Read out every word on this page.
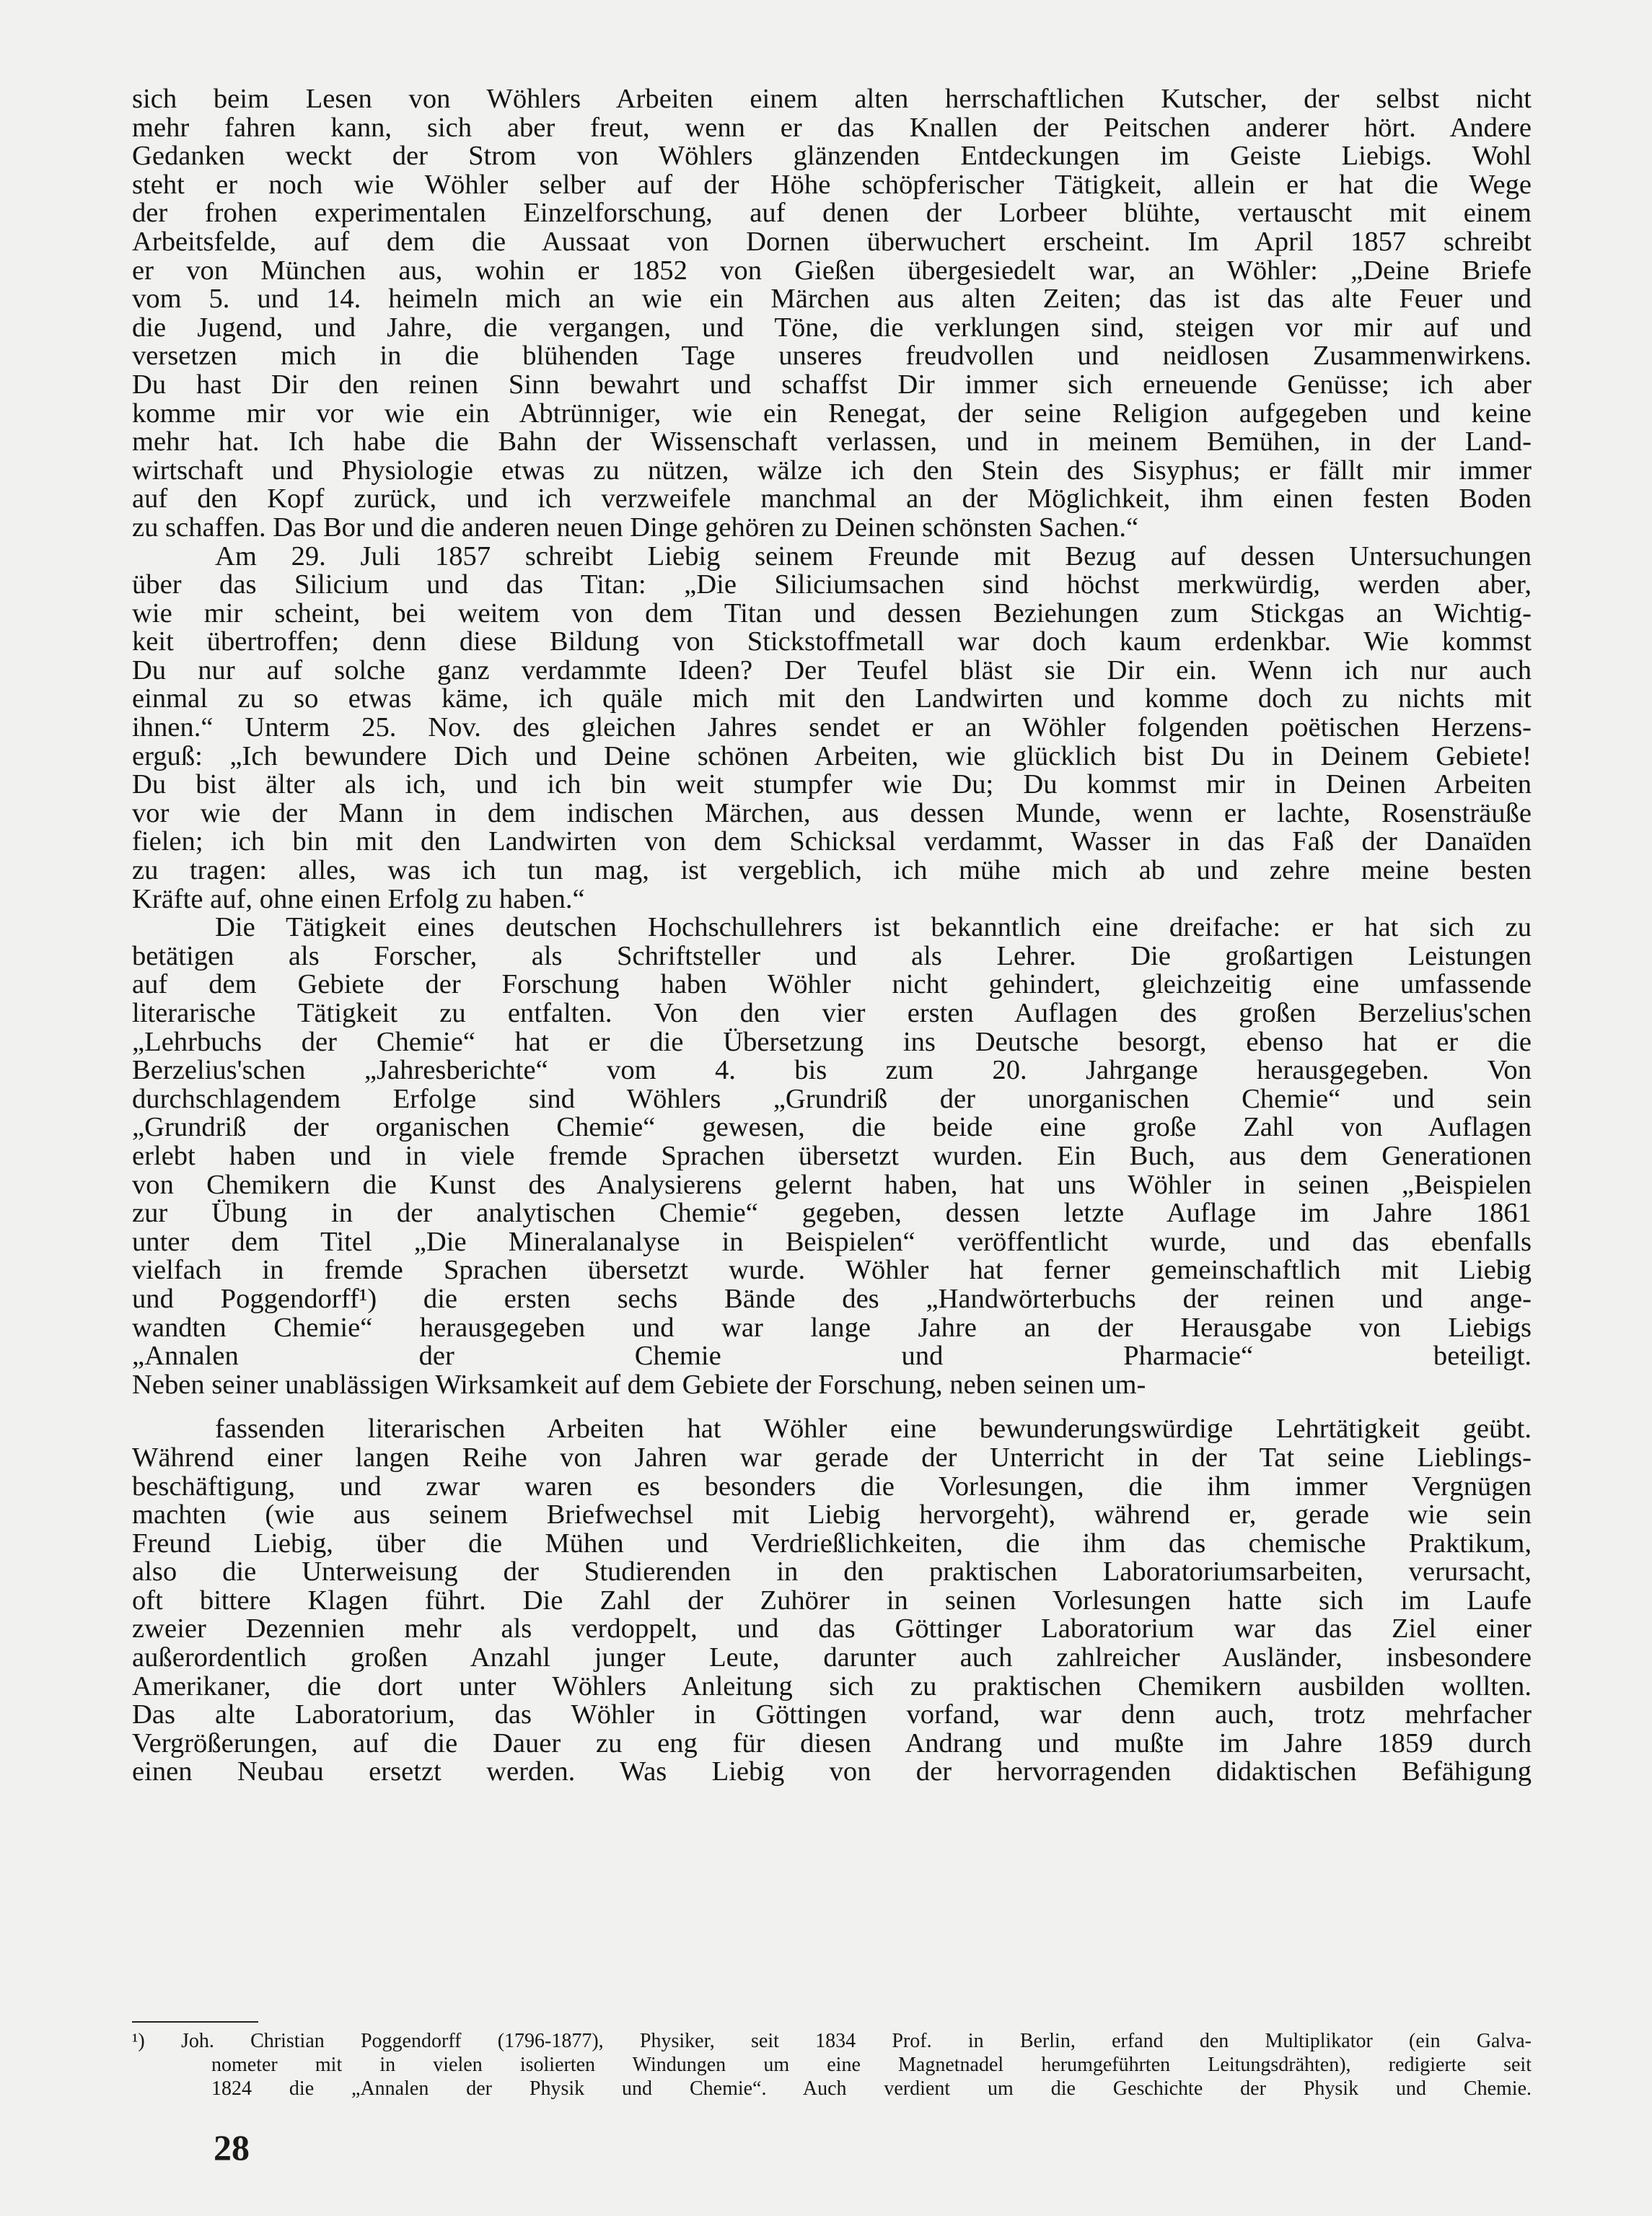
sich beim Lesen von Wöhlers Arbeiten einem alten herrschaftlichen Kutscher, der selbst nicht
mehr fahren kann, sich aber freut, wenn er das Knallen der Peitschen anderer hört. Andere
Gedanken weckt der Strom von Wöhlers glänzenden Entdeckungen im Geiste Liebigs. Wohl
steht er noch wie Wöhler selber auf der Höhe schöpferischer Tätigkeit, allein er hat die Wege
der frohen experimentalen Einzelforschung, auf denen der Lorbeer blühte, vertauscht mit einem
Arbeitsfelde, auf dem die Aussaat von Dornen überwuchert erscheint. Im April 1857 schreibt
er von München aus, wohin er 1852 von Gießen übergesiedelt war, an Wöhler: „Deine Briefe
vom 5. und 14. heimeln mich an wie ein Märchen aus alten Zeiten; das ist das alte Feuer und
die Jugend, und Jahre, die vergangen, und Töne, die verklungen sind, steigen vor mir auf und
versetzen mich in die blühenden Tage unseres freudvollen und neidlosen Zusammenwirkens.
Du hast Dir den reinen Sinn bewahrt und schaffst Dir immer sich erneuende Genüsse; ich aber
komme mir vor wie ein Abtrünniger, wie ein Renegat, der seine Religion aufgegeben und keine
mehr hat. Ich habe die Bahn der Wissenschaft verlassen, und in meinem Bemühen, in der Land-
wirtschaft und Physiologie etwas zu nützen, wälze ich den Stein des Sisyphus; er fällt mir immer
auf den Kopf zurück, und ich verzweifele manchmal an der Möglichkeit, ihm einen festen Boden
zu schaffen. Das Bor und die anderen neuen Dinge gehören zu Deinen schönsten Sachen.“
Am 29. Juli 1857 schreibt Liebig seinem Freunde mit Bezug auf dessen Untersuchungen
über das Silicium und das Titan: „Die Siliciumsachen sind höchst merkwürdig, werden aber,
wie mir scheint, bei weitem von dem Titan und dessen Beziehungen zum Stickgas an Wichtig-
keit übertroffen; denn diese Bildung von Stickstoffmetall war doch kaum erdenkbar. Wie kommst
Du nur auf solche ganz verdammte Ideen? Der Teufel bläst sie Dir ein. Wenn ich nur auch
einmal zu so etwas käme, ich quäle mich mit den Landwirten und komme doch zu nichts mit
ihnen.“ Unterm 25. Nov. des gleichen Jahres sendet er an Wöhler folgenden poëtischen Herzens-
erguß: „Ich bewundere Dich und Deine schönen Arbeiten, wie glücklich bist Du in Deinem Gebiete!
Du bist älter als ich, und ich bin weit stumpfer wie Du; Du kommst mir in Deinen Arbeiten
vor wie der Mann in dem indischen Märchen, aus dessen Munde, wenn er lachte, Rosensträuße
fielen; ich bin mit den Landwirten von dem Schicksal verdammt, Wasser in das Faß der Danaïden
zu tragen: alles, was ich tun mag, ist vergeblich, ich mühe mich ab und zehre meine besten
Kräfte auf, ohne einen Erfolg zu haben.“
Die Tätigkeit eines deutschen Hochschullehrers ist bekanntlich eine dreifache: er hat sich zu
betätigen als Forscher, als Schriftsteller und als Lehrer. Die großartigen Leistungen
auf dem Gebiete der Forschung haben Wöhler nicht gehindert, gleichzeitig eine umfassende
literarische Tätigkeit zu entfalten. Von den vier ersten Auflagen des großen Berzelius'schen
„Lehrbuchs der Chemie“ hat er die Übersetzung ins Deutsche besorgt, ebenso hat er die
Berzelius'schen „Jahresberichte“ vom 4. bis zum 20. Jahrgange herausgegeben. Von
durchschlagendem Erfolge sind Wöhlers „Grundriß der unorganischen Chemie“ und sein
„Grundriß der organischen Chemie“ gewesen, die beide eine große Zahl von Auflagen
erlebt haben und in viele fremde Sprachen übersetzt wurden. Ein Buch, aus dem Generationen
von Chemikern die Kunst des Analysierens gelernt haben, hat uns Wöhler in seinen „Beispielen
zur Übung in der analytischen Chemie“ gegeben, dessen letzte Auflage im Jahre 1861
unter dem Titel „Die Mineralanalyse in Beispielen“ veröffentlicht wurde, und das ebenfalls
vielfach in fremde Sprachen übersetzt wurde. Wöhler hat ferner gemeinschaftlich mit Liebig
und Poggendorff¹) die ersten sechs Bände des „Handwörterbuchs der reinen und ange-
wandten Chemie“ herausgegeben und war lange Jahre an der Herausgabe von Liebigs
„Annalen der Chemie und Pharmacie“ beteiligt.
Neben seiner unablässigen Wirksamkeit auf dem Gebiete der Forschung, neben seinen um-
fassenden literarischen Arbeiten hat Wöhler eine bewunderungswürdige Lehrtätigkeit geübt.
Während einer langen Reihe von Jahren war gerade der Unterricht in der Tat seine Lieblings-
beschäftigung, und zwar waren es besonders die Vorlesungen, die ihm immer Vergnügen
machten (wie aus seinem Briefwechsel mit Liebig hervorgeht), während er, gerade wie sein
Freund Liebig, über die Mühen und Verdrießlichkeiten, die ihm das chemische Praktikum,
also die Unterweisung der Studierenden in den praktischen Laboratoriumsarbeiten, verursacht,
oft bittere Klagen führt. Die Zahl der Zuhörer in seinen Vorlesungen hatte sich im Laufe
zweier Dezennien mehr als verdoppelt, und das Göttinger Laboratorium war das Ziel einer
außerordentlich großen Anzahl junger Leute, darunter auch zahlreicher Ausländer, insbesondere
Amerikaner, die dort unter Wöhlers Anleitung sich zu praktischen Chemikern ausbilden wollten.
Das alte Laboratorium, das Wöhler in Göttingen vorfand, war denn auch, trotz mehrfacher
Vergrößerungen, auf die Dauer zu eng für diesen Andrang und mußte im Jahre 1859 durch
einen Neubau ersetzt werden. Was Liebig von der hervorragenden didaktischen Befähigung
¹) Joh. Christian Poggendorff (1796-1877), Physiker, seit 1834 Prof. in Berlin, erfand den Multiplikator (ein Galva-
nometer mit in vielen isolierten Windungen um eine Magnetnadel herumgeführten Leitungsdrähten), redigierte seit
1824 die „Annalen der Physik und Chemie“. Auch verdient um die Geschichte der Physik und Chemie.
28
